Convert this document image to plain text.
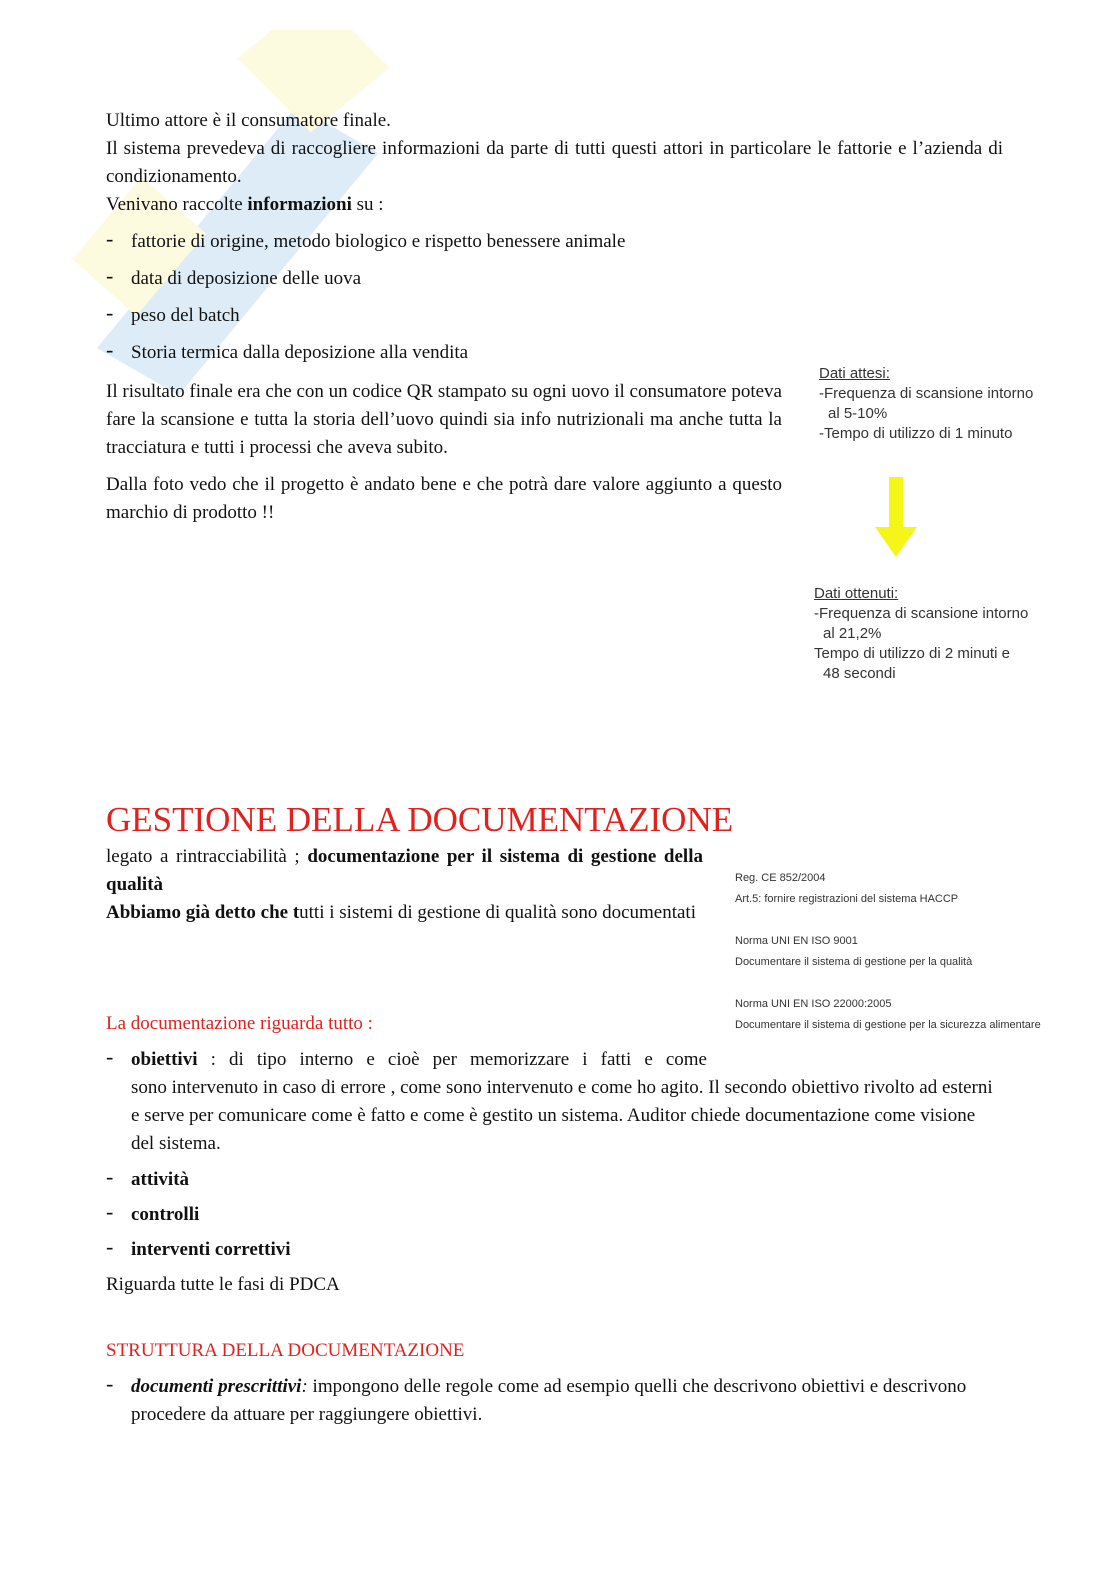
Ultimo attore è il consumatore finale.

Il sistema prevedeva di raccogliere informazioni da parte di tutti questi attori in particolare le fattorie e l’azienda di condizionamento.

Venivano raccolte informazioni su :

- fattorie di origine, metodo biologico e rispetto benessere animale

- data di deposizione delle uova

- peso del batch

- Storia termica dalla deposizione alla vendita

Il risultato finale era che con un codice QR stampato su ogni uovo il consumatore poteva fare la scansione e tutta la storia dell’uovo quindi sia info nutrizionali ma anche tutta la tracciatura e tutti i processi che aveva subito.

Dalla foto vedo che il progetto è andato bene e che potrà dare valore aggiunto a questo marchio di prodotto !!

Dati attesi:
-Frequenza di scansione intorno
al 5-10%
-Tempo di utilizzo di 1 minuto
Dati ottenuti:
-Frequenza di scansione intorno
al 21,2%
Tempo di utilizzo di 2 minuti e
48 secondi
GESTIONE DELLA DOCUMENTAZIONE

legato a rintracciabilità ; documentazione per il sistema di gestione della qualità

Abbiamo già detto che tutti i sistemi di gestione di qualità sono documentati

Reg. CE 852/2004
Art.5: fornire registrazioni del sistema HACCP
Norma UNI EN ISO 9001
Documentare il sistema di gestione per la qualità
Norma UNI EN ISO 22000:2005
Documentare il sistema di gestione per la sicurezza alimentare
La documentazione riguarda tutto :
- obiettivi : di tipo interno e cioè per memorizzare i fatti e come
sono intervenuto in caso di errore , come sono intervenuto e come ho agito. Il secondo obiettivo rivolto ad esterni e serve per comunicare come è fatto e come è gestito un sistema. Auditor chiede documentazione come visione del sistema.

- attività

- controlli

- interventi correttivi

Riguarda tutte le fasi di PDCA

STRUTTURA DELLA DOCUMENTAZIONE

- documenti prescrittivi: impongono delle regole come ad esempio quelli che descrivono obiettivi e descrivono procedere da attuare per raggiungere obiettivi.
